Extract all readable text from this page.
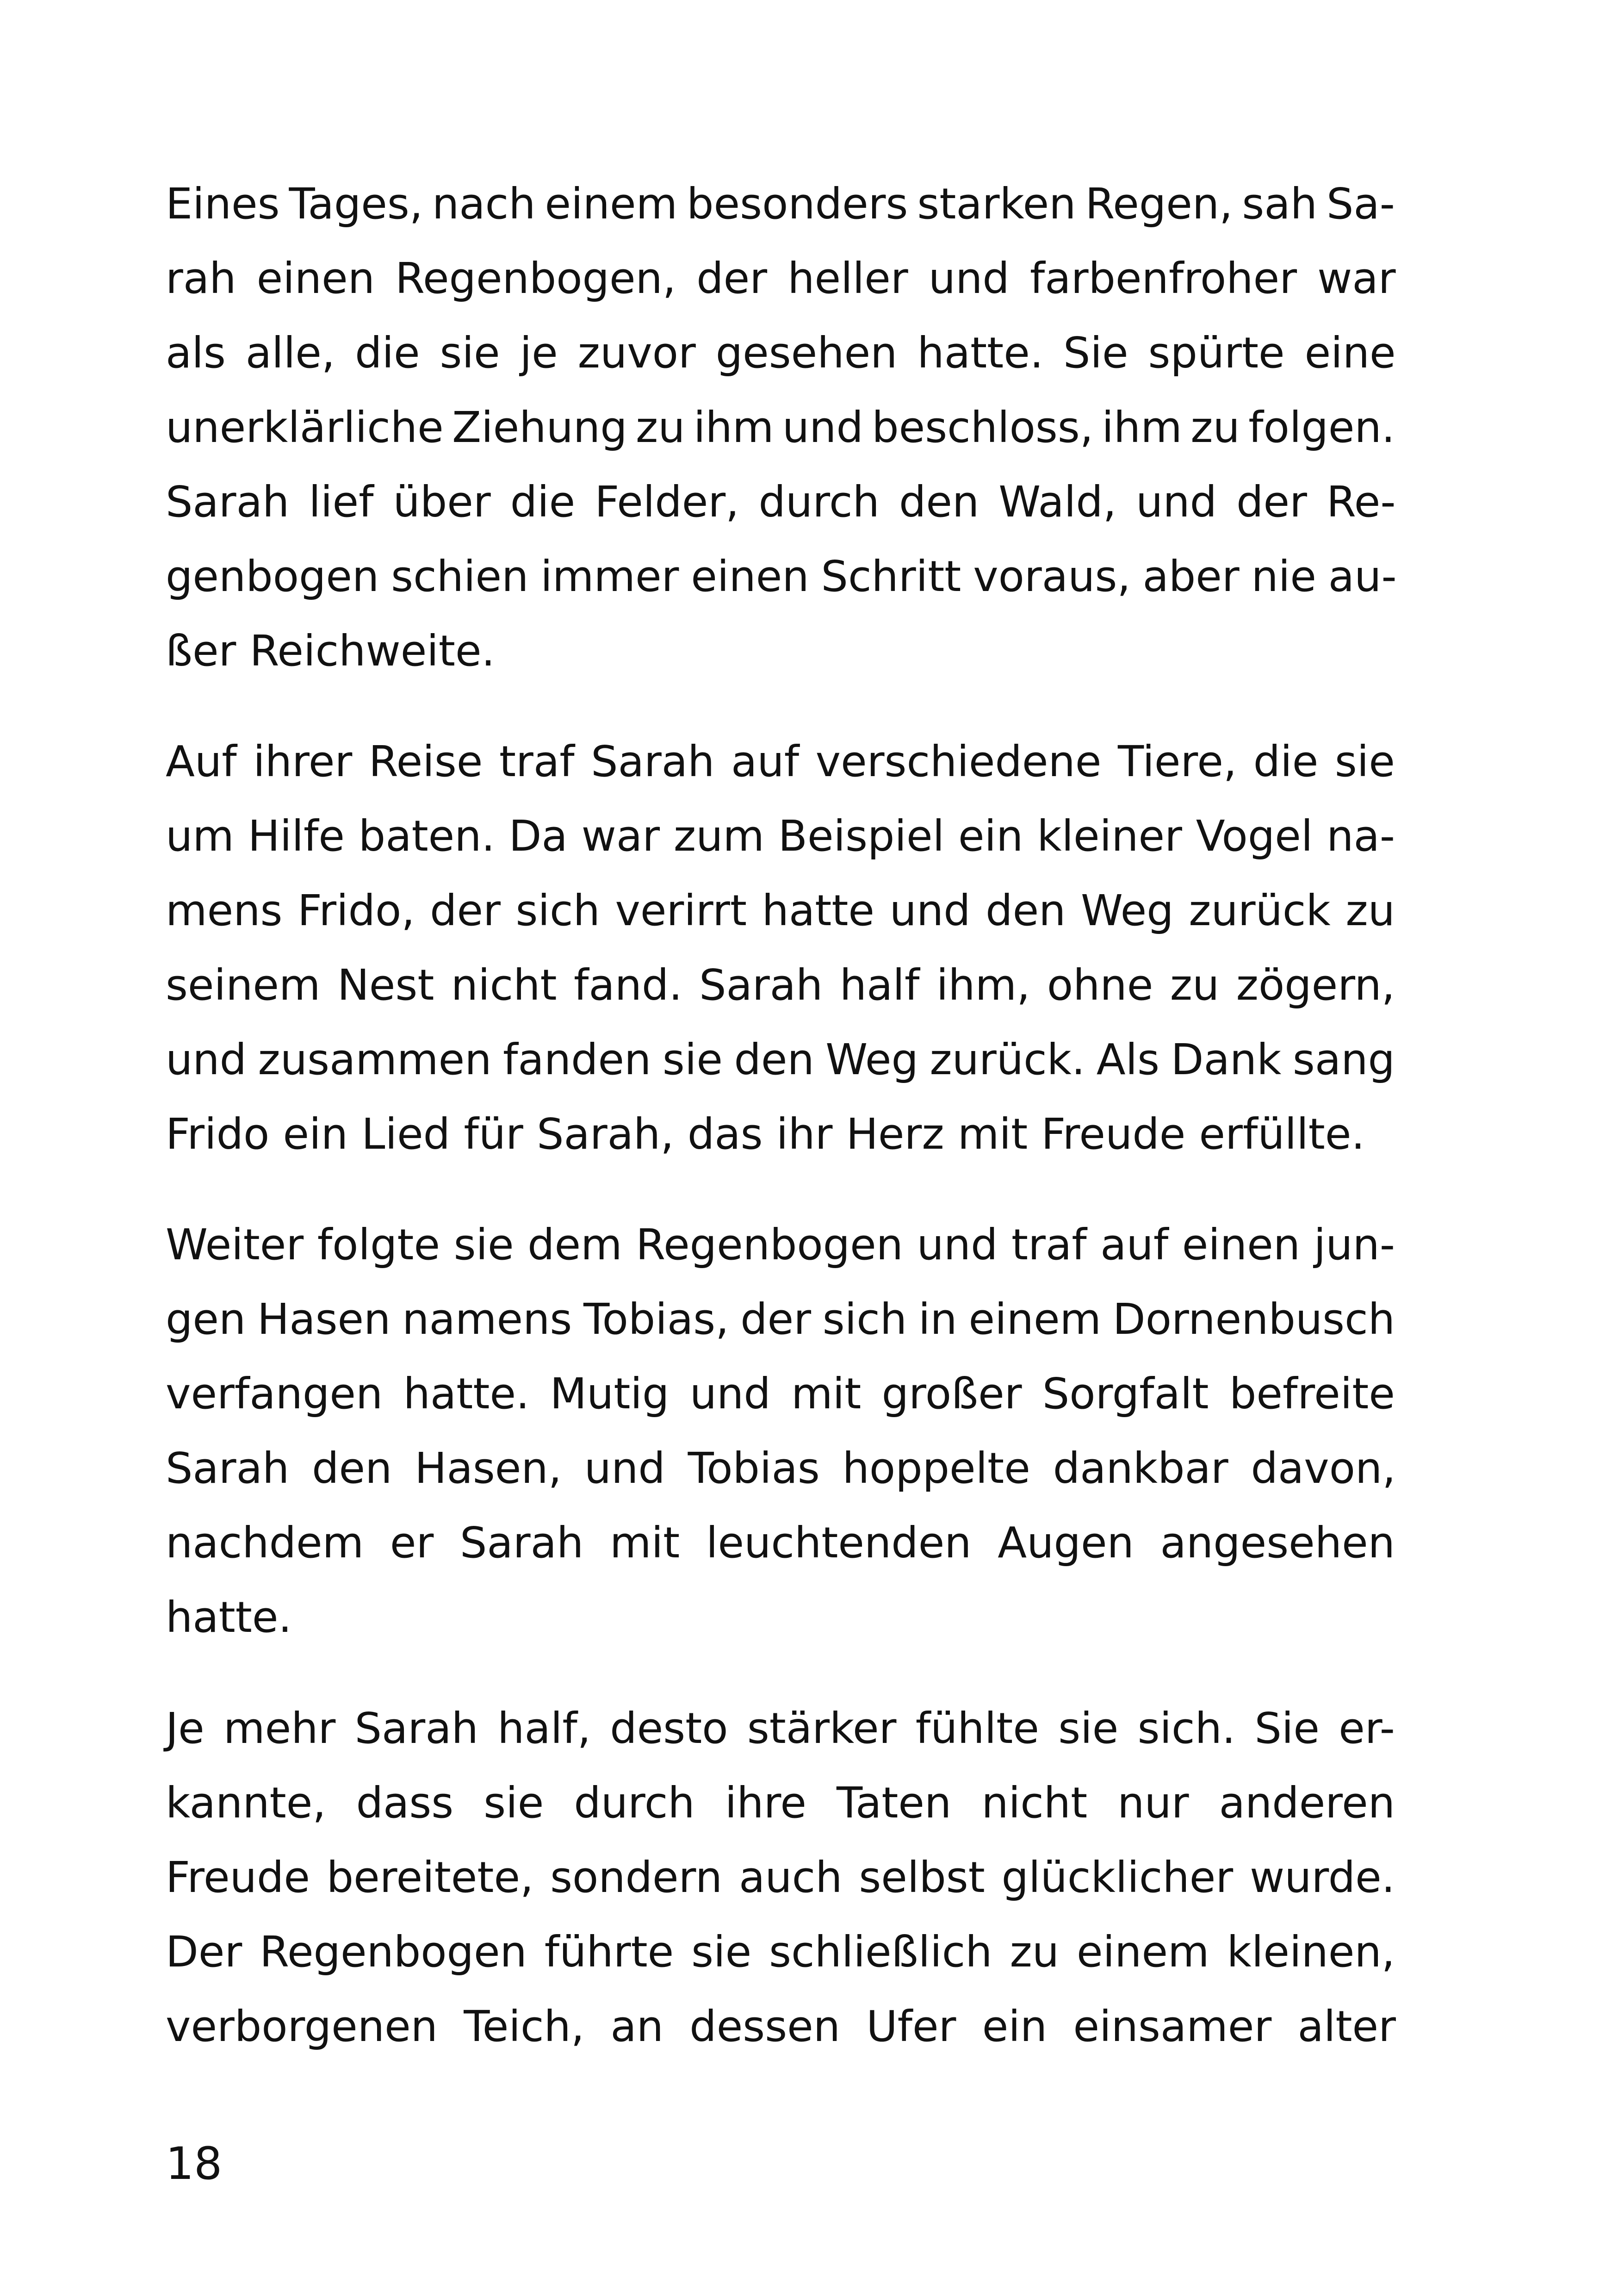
Eines Tages, nach einem besonders starken Regen, sah Sa-
rah einen Regenbogen, der heller und farbenfroher war
als alle, die sie je zuvor gesehen hatte. Sie spürte eine
unerklärliche Ziehung zu ihm und beschloss, ihm zu folgen.
Sarah lief über die Felder, durch den Wald, und der Re-
genbogen schien immer einen Schritt voraus, aber nie au-
ßer Reichweite.
Auf ihrer Reise traf Sarah auf verschiedene Tiere, die sie
um Hilfe baten. Da war zum Beispiel ein kleiner Vogel na-
mens Frido, der sich verirrt hatte und den Weg zurück zu
seinem Nest nicht fand. Sarah half ihm, ohne zu zögern,
und zusammen fanden sie den Weg zurück. Als Dank sang
Frido ein Lied für Sarah, das ihr Herz mit Freude erfüllte.
Weiter folgte sie dem Regenbogen und traf auf einen jun-
gen Hasen namens Tobias, der sich in einem Dornenbusch
verfangen hatte. Mutig und mit großer Sorgfalt befreite
Sarah den Hasen, und Tobias hoppelte dankbar davon,
nachdem er Sarah mit leuchtenden Augen angesehen
hatte.
Je mehr Sarah half, desto stärker fühlte sie sich. Sie er-
kannte, dass sie durch ihre Taten nicht nur anderen
Freude bereitete, sondern auch selbst glücklicher wurde.
Der Regenbogen führte sie schließlich zu einem kleinen,
verborgenen Teich, an dessen Ufer ein einsamer alter
18
